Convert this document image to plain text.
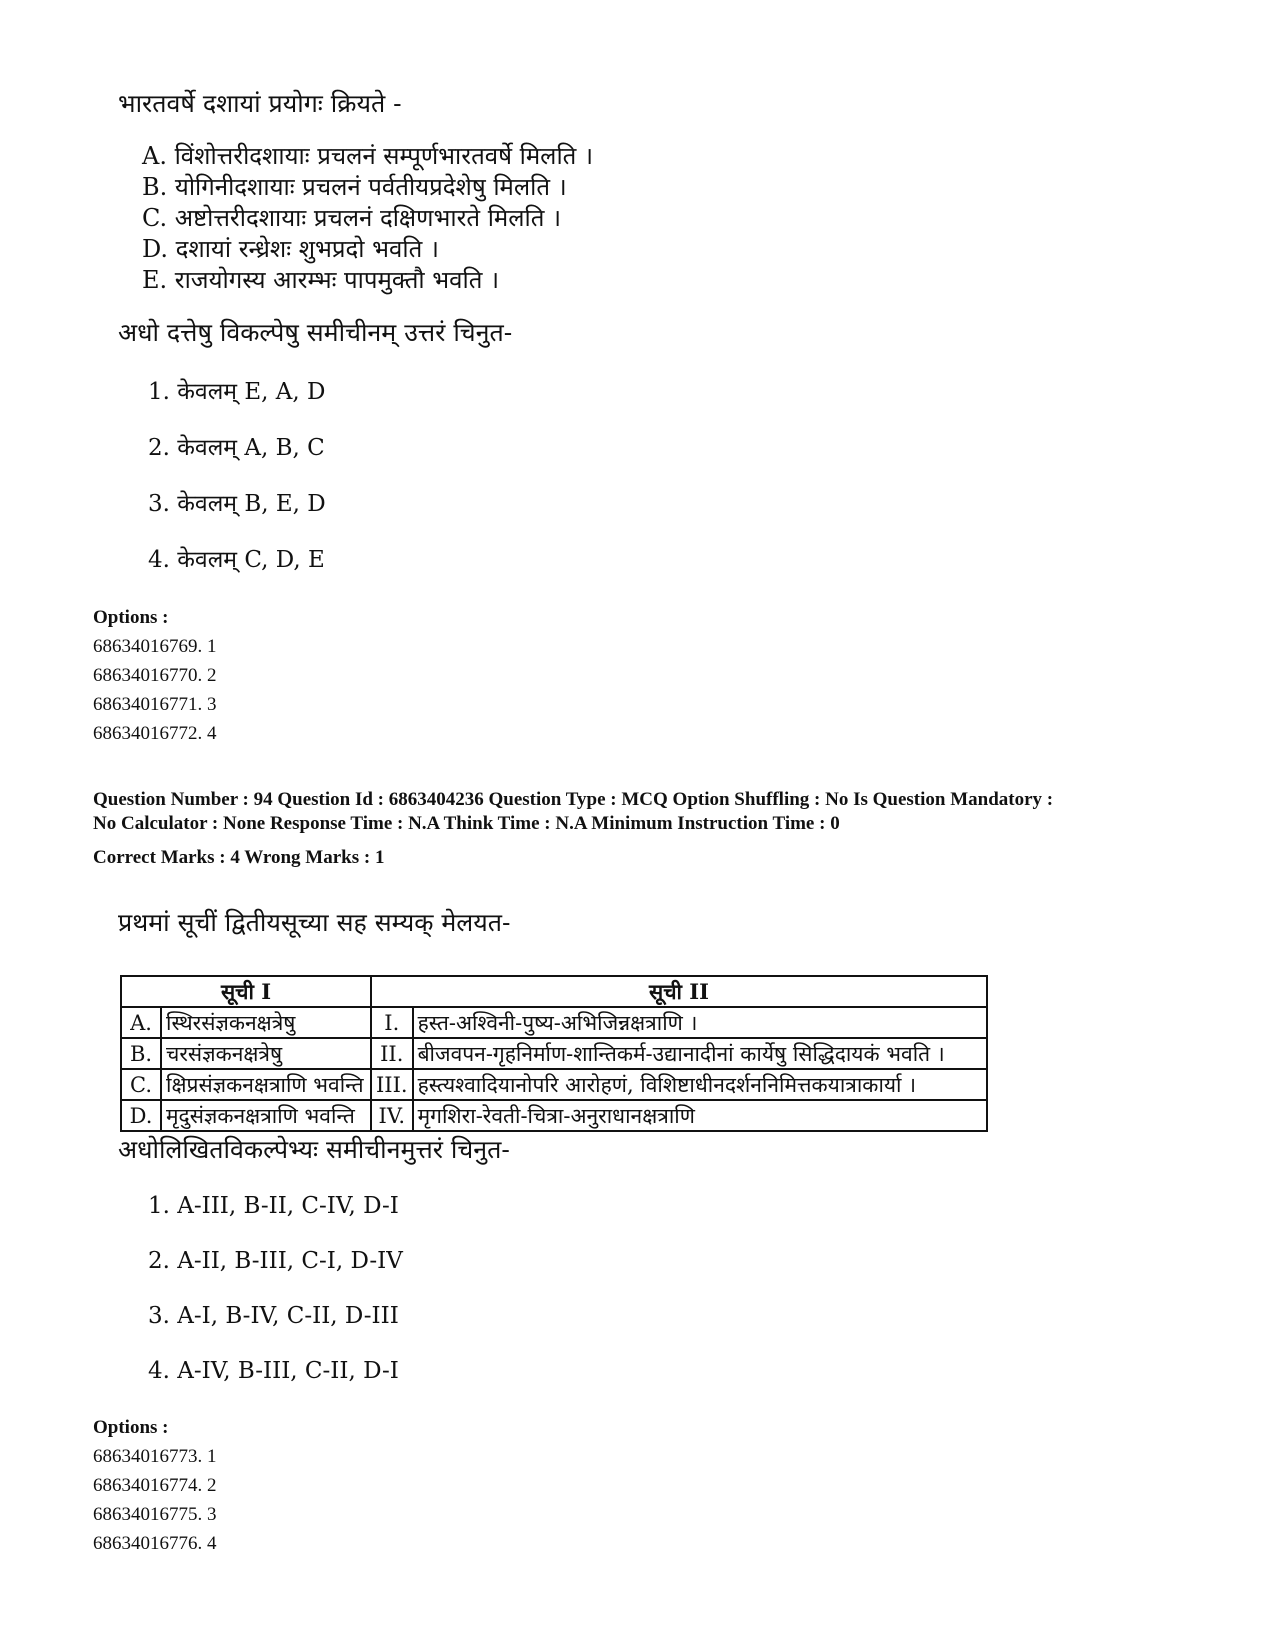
भारतवर्षे दशायां प्रयोगः क्रियते -
A. विंशोत्तरीदशायाः प्रचलनं सम्पूर्णभारतवर्षे मिलति ।
B. योगिनीदशायाः प्रचलनं पर्वतीयप्रदेशेषु मिलति ।
C. अष्टोत्तरीदशायाः प्रचलनं दक्षिणभारते मिलति ।
D. दशायां रन्ध्रेशः शुभप्रदो भवति ।
E. राजयोगस्य आरम्भः पापमुक्तौ भवति ।
अधो दत्तेषु विकल्पेषु समीचीनम् उत्तरं चिनुत-
1. केवलम् E, A, D
2. केवलम् A, B, C
3. केवलम् B, E, D
4. केवलम् C, D, E
Options :
68634016769. 1
68634016770. 2
68634016771. 3
68634016772. 4
Question Number : 94 Question Id : 6863404236 Question Type : MCQ Option Shuffling : No Is Question Mandatory :
No Calculator : None Response Time : N.A Think Time : N.A Minimum Instruction Time : 0
Correct Marks : 4 Wrong Marks : 1
प्रथमां सूचीं द्वितीयसूच्या सह सम्यक् मेलयत-
सूची I		सूची II	
A.	स्थिरसंज्ञकनक्षत्रेषु	I.	हस्त-अश्विनी-पुष्य-अभिजिन्नक्षत्राणि ।
B.	चरसंज्ञकनक्षत्रेषु	II.	बीजवपन-गृहनिर्माण-शान्तिकर्म-उद्यानादीनां कार्येषु सिद्धिदायकं भवति ।
C.	क्षिप्रसंज्ञकनक्षत्राणि भवन्ति	III.	हस्त्यश्वादियानोपरि आरोहणं, विशिष्टाधीनदर्शननिमित्तकयात्राकार्या ।
D.	मृदुसंज्ञकनक्षत्राणि भवन्ति	IV.	मृगशिरा-रेवती-चित्रा-अनुराधानक्षत्राणि
अधोलिखितविकल्पेभ्यः समीचीनमुत्तरं चिनुत-
1. A-III, B-II, C-IV, D-I
2. A-II, B-III, C-I, D-IV
3. A-I, B-IV, C-II, D-III
4. A-IV, B-III, C-II, D-I
Options :
68634016773. 1
68634016774. 2
68634016775. 3
68634016776. 4
